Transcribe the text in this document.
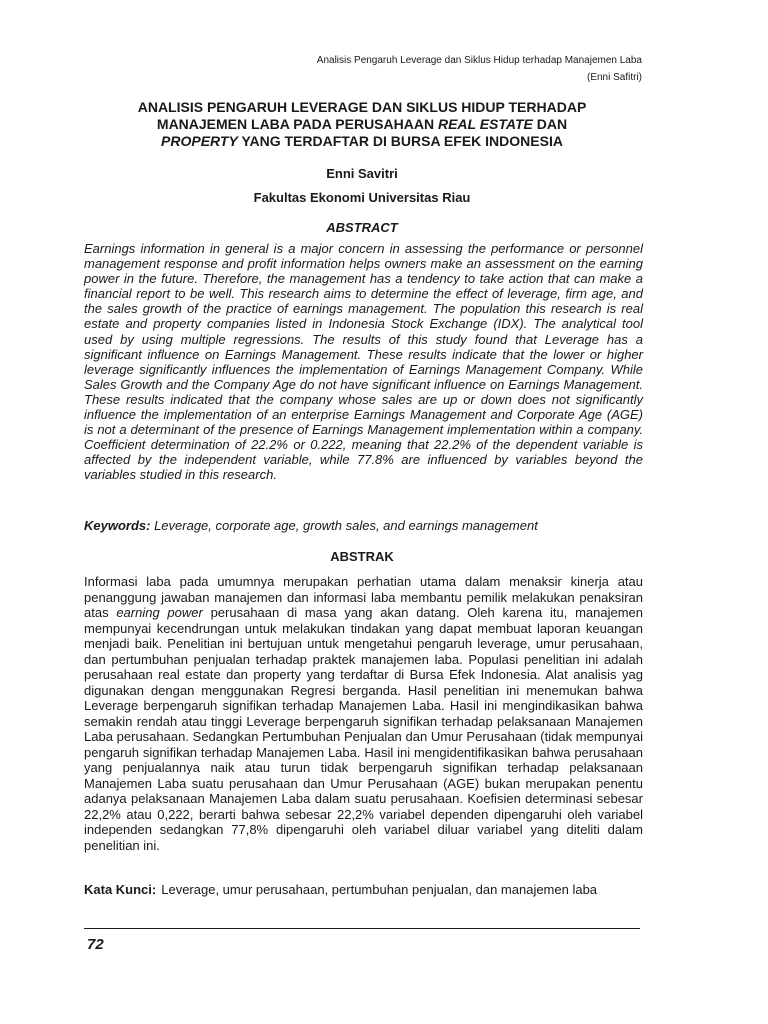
Analisis Pengaruh Leverage dan Siklus Hidup terhadap Manajemen Laba
(Enni Safitri)
ANALISIS PENGARUH LEVERAGE DAN SIKLUS HIDUP TERHADAP
MANAJEMEN LABA PADA PERUSAHAAN REAL ESTATE DAN
PROPERTY YANG TERDAFTAR DI BURSA EFEK INDONESIA
Enni Savitri
Fakultas Ekonomi Universitas Riau
ABSTRACT

Earnings information in general is a major concern in assessing the performance or personnel management response and profit information helps owners make an assessment on the earning power in the future. Therefore, the management has a tendency to take action that can make a financial report to be well. This research aims to determine the effect of leverage, firm age, and the sales growth of the practice of earnings management. The population this research is real estate and property companies listed in Indonesia Stock Exchange (IDX). The analytical tool used by using multiple regressions. The results of this study found that Leverage has a significant influence on Earnings Management. These results indicate that the lower or higher leverage significantly influences the implementation of Earnings Management Company. While Sales Growth and the Company Age do not have significant influence on Earnings Management. These results indicated that the company whose sales are up or down does not significantly influence the implementation of an enterprise Earnings Management and Corporate Age (AGE) is not a determinant of the presence of Earnings Management implementation within a company. Coefficient determination of 22.2% or 0.222, meaning that 22.2% of the dependent variable is affected by the independent variable, while 77.8% are influenced by variables beyond the variables studied in this research.

Keywords: Leverage, corporate age, growth sales, and earnings management

ABSTRAK

Informasi laba pada umumnya merupakan perhatian utama dalam menaksir kinerja atau penanggung jawaban manajemen dan informasi laba membantu pemilik melakukan penaksiran atas earning power perusahaan di masa yang akan datang. Oleh karena itu, manajemen mempunyai kecendrungan untuk melakukan tindakan yang dapat membuat laporan keuangan menjadi baik. Penelitian ini bertujuan untuk mengetahui pengaruh leverage, umur perusahaan, dan pertumbuhan penjualan terhadap praktek manajemen laba. Populasi penelitian ini adalah perusahaan real estate dan property yang terdaftar di Bursa Efek Indonesia. Alat analisis yag digunakan dengan menggunakan Regresi berganda. Hasil penelitian ini menemukan bahwa Leverage berpengaruh signifikan terhadap Manajemen Laba. Hasil ini mengindikasikan bahwa semakin rendah atau tinggi Leverage berpengaruh signifikan terhadap pelaksanaan Manajemen Laba perusahaan. Sedangkan Pertumbuhan Penjualan dan Umur Perusahaan (tidak mempunyai pengaruh signifikan terhadap Manajemen Laba. Hasil ini mengidentifikasikan bahwa perusahaan yang penjualannya naik atau turun tidak berpengaruh signifikan terhadap pelaksanaan Manajemen Laba suatu perusahaan dan Umur Perusahaan (AGE) bukan merupakan penentu adanya pelaksanaan Manajemen Laba dalam suatu perusahaan. Koefisien determinasi sebesar 22,2% atau 0,222, berarti bahwa sebesar 22,2% variabel dependen dipengaruhi oleh variabel independen sedangkan 77,8% dipengaruhi oleh variabel diluar variabel yang diteliti dalam penelitian ini.

Kata Kunci: Leverage, umur perusahaan, pertumbuhan penjualan, dan manajemen laba
72
